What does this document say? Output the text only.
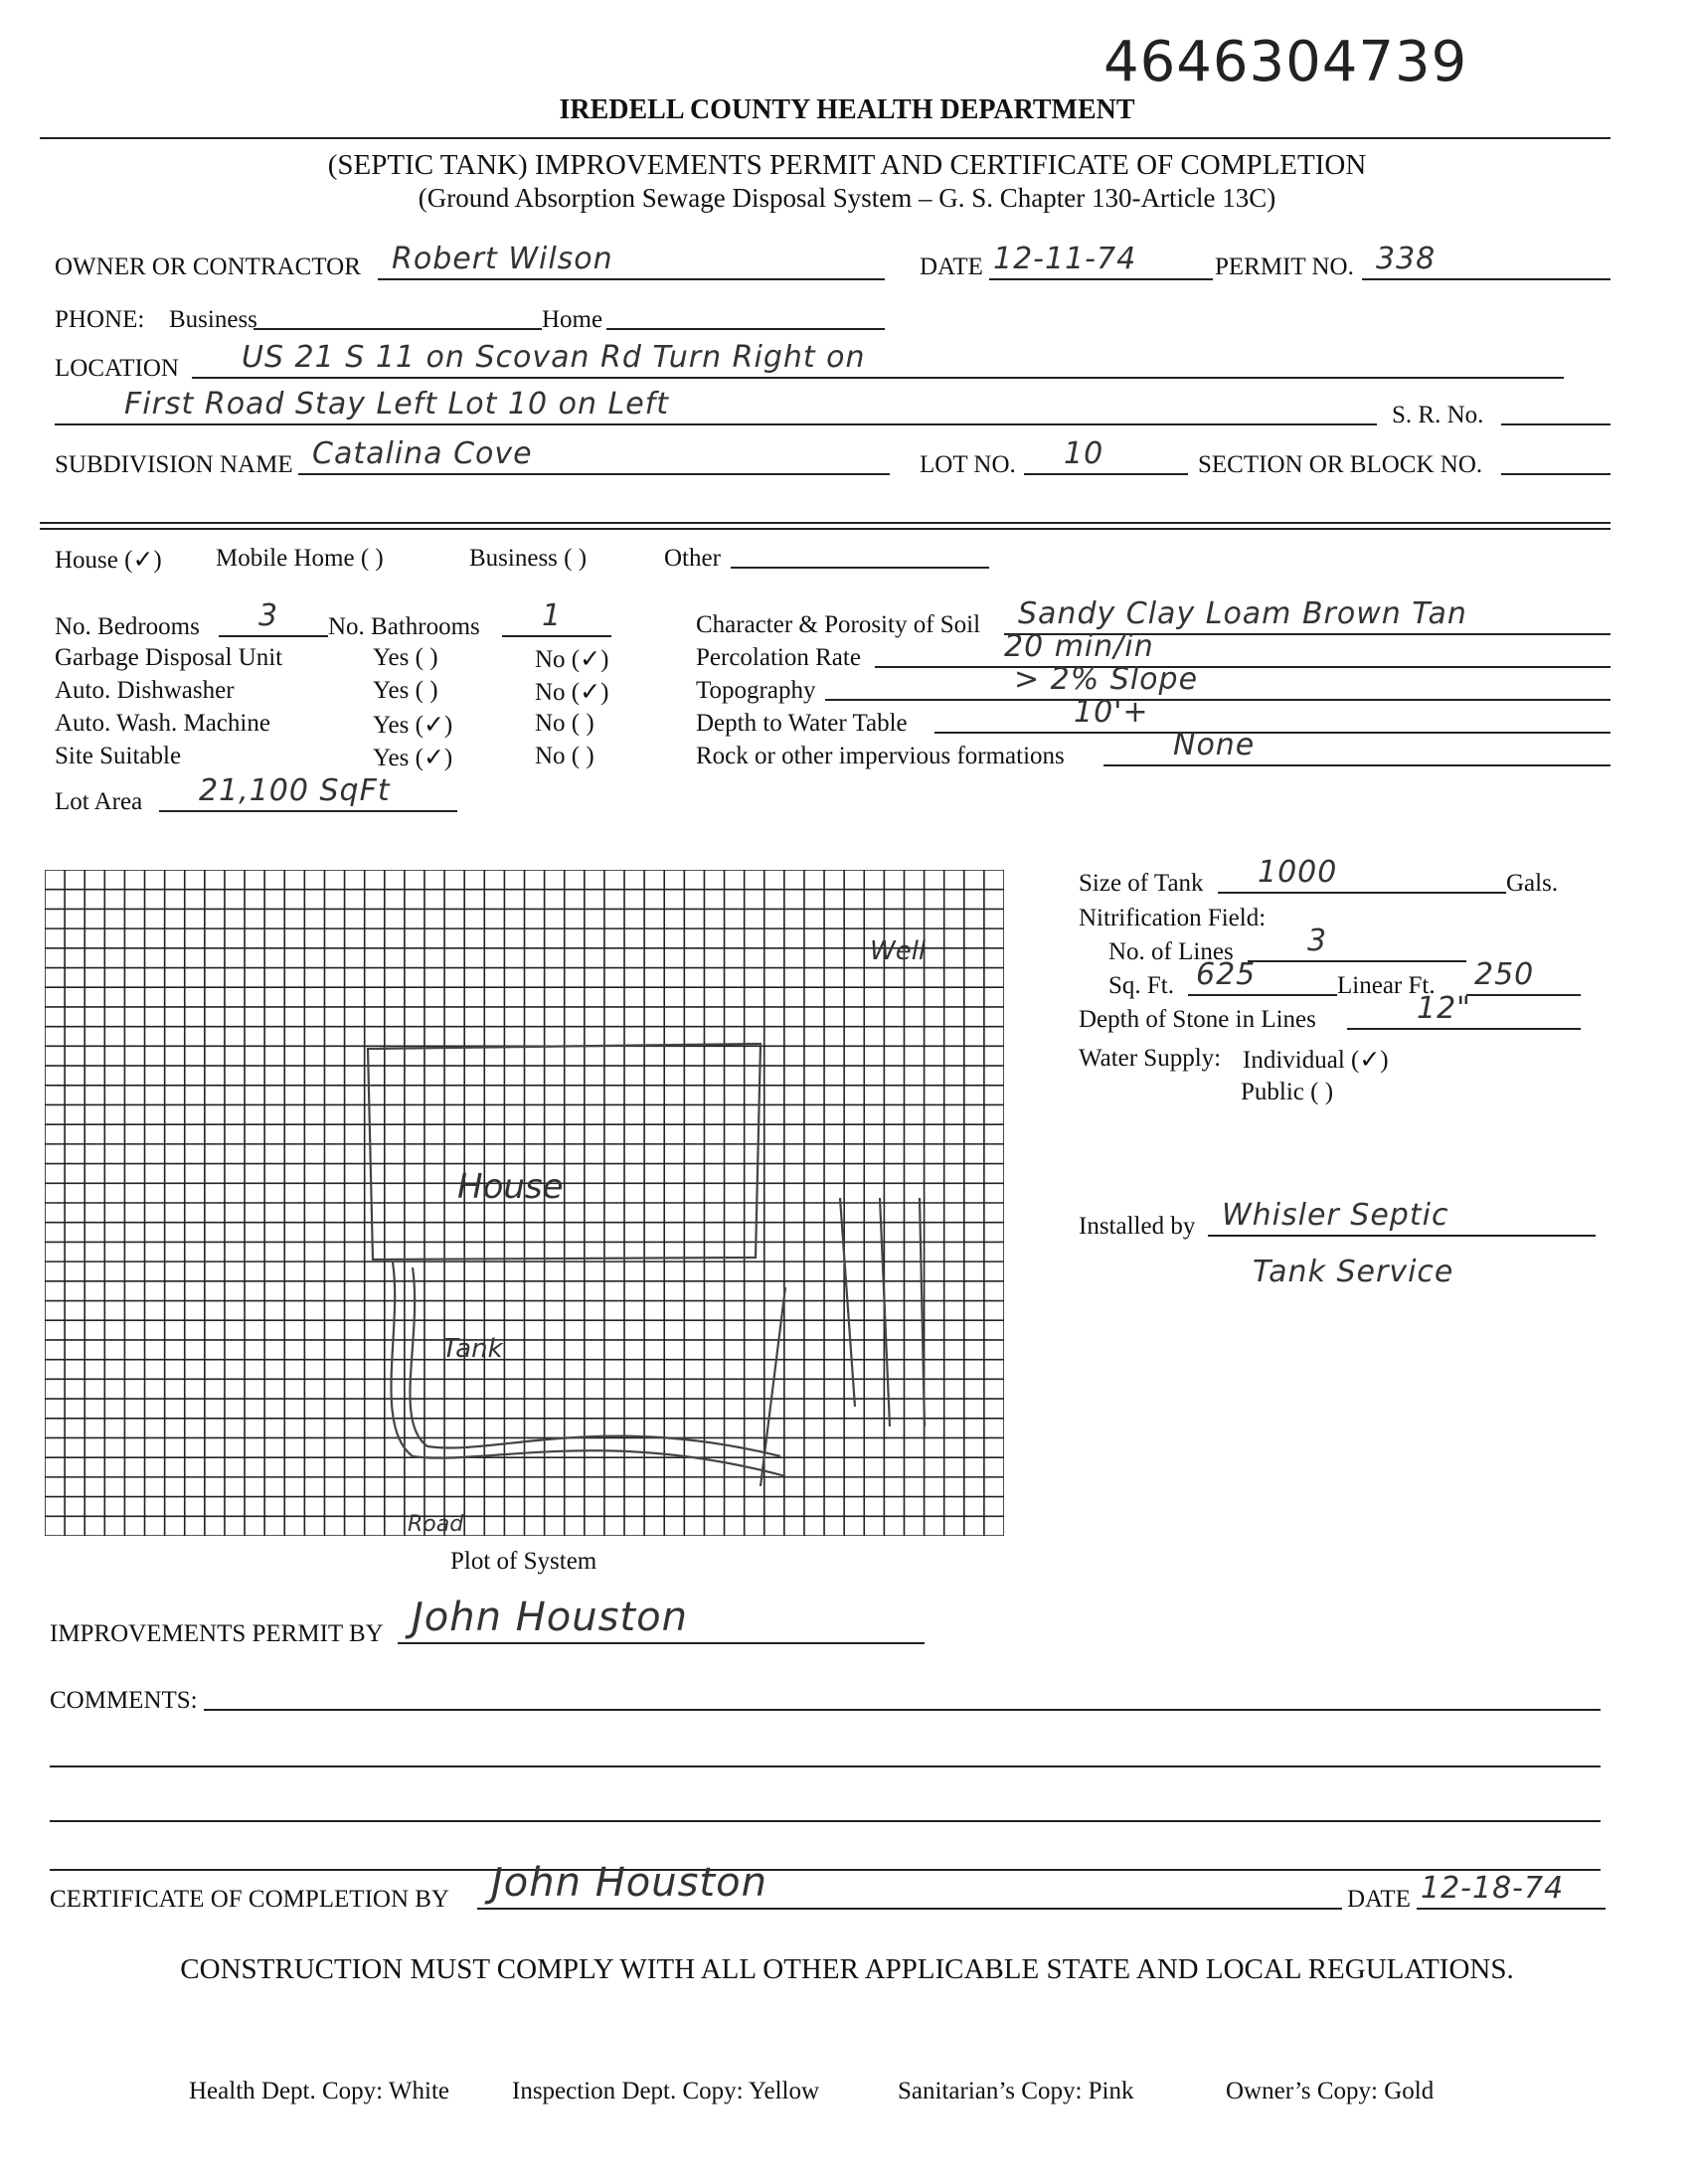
4646304739
IREDELL COUNTY HEALTH DEPARTMENT
(SEPTIC TANK) IMPROVEMENTS PERMIT AND CERTIFICATE OF COMPLETION
(Ground Absorption Sewage Disposal System – G. S. Chapter 130-Article 13C)
OWNER OR CONTRACTOR Robert Wilson	DATE 12-11-74	PERMIT NO. 338
PHONE: Business	Home
LOCATION US 21 S 11 on Scovan Rd Turn Right on
First Road Stay Left Lot 10 on Left	S. R. No.
SUBDIVISION NAME Catalina Cove	LOT NO. 10	SECTION OR BLOCK NO.
House (✓) Mobile Home ( )	Business ( )	Other
No. Bedrooms 3 No. Bathrooms 1
Garbage Disposal Unit	Yes ( )	No (✓)
Auto. Dishwasher	Yes ( )	No (✓)
Auto. Wash. Machine	Yes (✓)	No ( )
Site Suitable	Yes (✓)	No ( )
Lot Area 21,100 SqFt
Character & Porosity of Soil Sandy Clay Loam Brown Tan
Percolation Rate	20 min/in
Topography	> 2% Slope
Depth to Water Table	10'+
Rock or other impervious formations	None
House
Tank
Well
Road
Plot of System
Size of Tank 1000	Gals.
Nitrification Field:
No. of Lines 3
Sq. Ft. 625	Linear Ft. 250
Depth of Stone in Lines	12"
Water Supply: Individual (✓)
Public ( )
Installed by Whisler Septic
Tank Service
IMPROVEMENTS PERMIT BY John Houston
COMMENTS:
CERTIFICATE OF COMPLETION BY John Houston	DATE 12-18-74
CONSTRUCTION MUST COMPLY WITH ALL OTHER APPLICABLE STATE AND LOCAL REGULATIONS.
Health Dept. Copy: White	Inspection Dept. Copy: Yellow	Sanitarian’s Copy: Pink	Owner’s Copy: Gold
